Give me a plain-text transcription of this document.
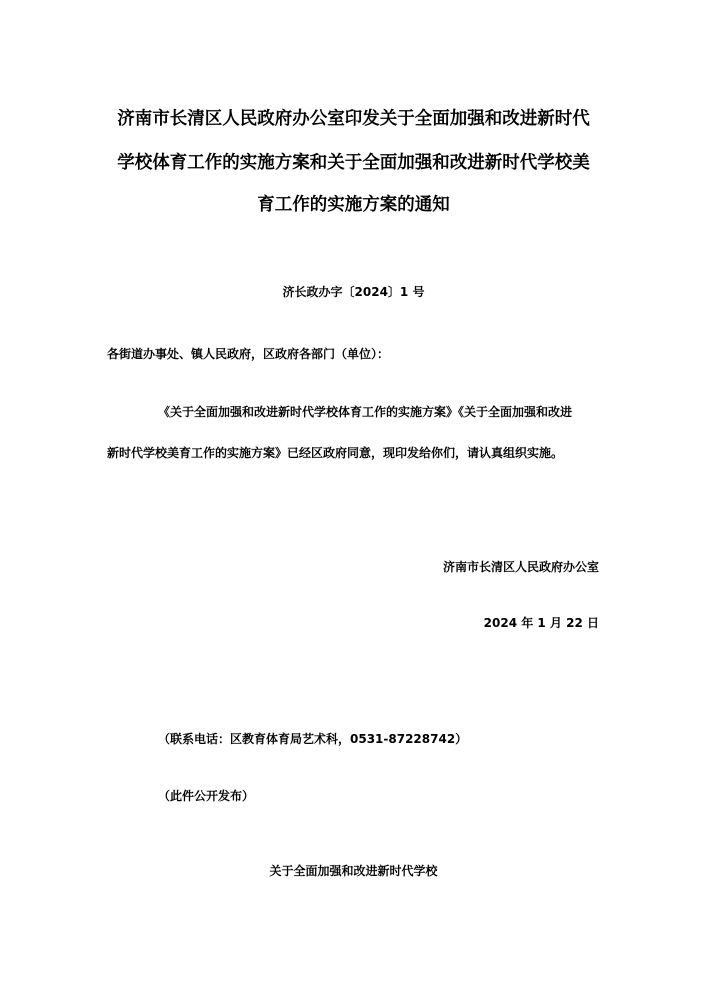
济南市长清区人民政府办公室印发关于全面加强和改进新时代
学校体育工作的实施方案和关于全面加强和改进新时代学校美
育工作的实施方案的通知
济长政办字〔2024〕1 号
各街道办事处、镇人民政府，区政府各部门（单位）：
《关于全面加强和改进新时代学校体育工作的实施方案》《关于全面加强和改进
新时代学校美育工作的实施方案》已经区政府同意，现印发给你们，请认真组织实施。
济南市长清区人民政府办公室
2024 年 1 月 22 日
（联系电话：区教育体育局艺术科，0531-87228742）
（此件公开发布）
关于全面加强和改进新时代学校
